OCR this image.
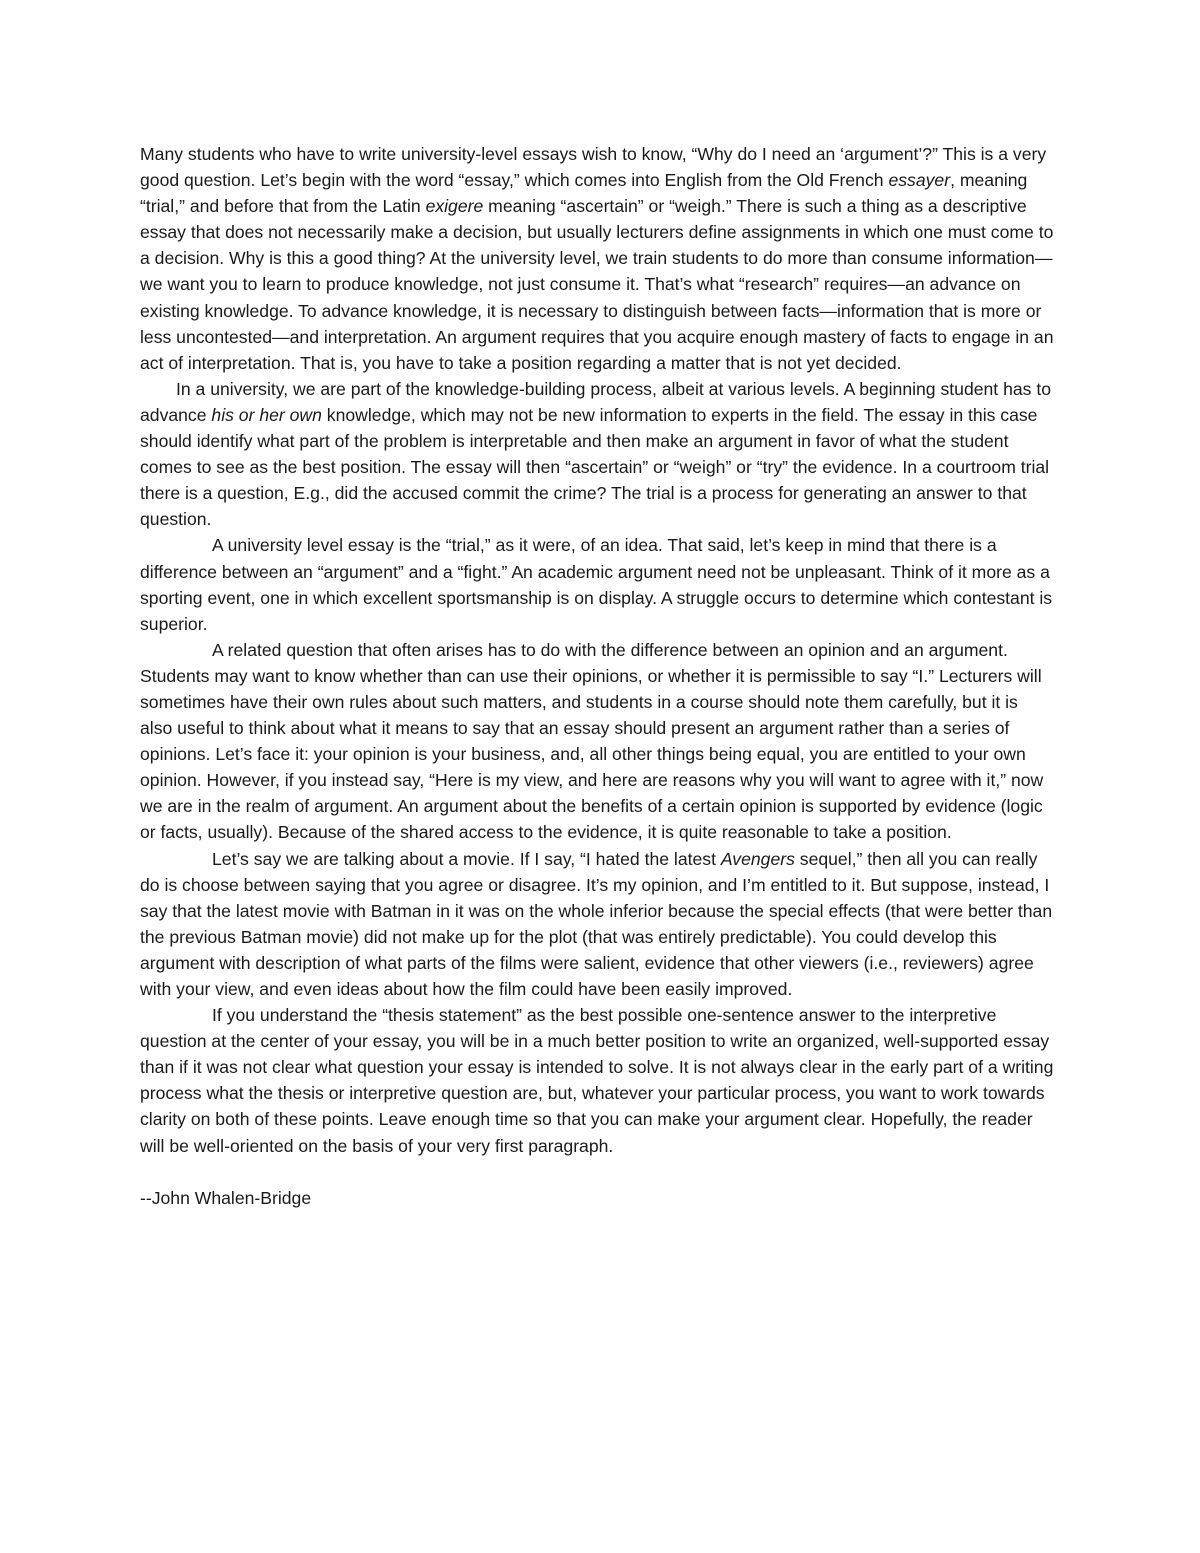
Many students who have to write university-level essays wish to know, “Why do I need an ‘argument’?” This is a very good question. Let’s begin with the word “essay,” which comes into English from the Old French essayer, meaning “trial,” and before that from the Latin exigere meaning “ascertain” or “weigh.” There is such a thing as a descriptive essay that does not necessarily make a decision, but usually lecturers define assignments in which one must come to a decision. Why is this a good thing? At the university level, we train students to do more than consume information—we want you to learn to produce knowledge, not just consume it. That’s what “research” requires—an advance on existing knowledge. To advance knowledge, it is necessary to distinguish between facts—information that is more or less uncontested—and interpretation. An argument requires that you acquire enough mastery of facts to engage in an act of interpretation. That is, you have to take a position regarding a matter that is not yet decided.

In a university, we are part of the knowledge-building process, albeit at various levels. A beginning student has to advance his or her own knowledge, which may not be new information to experts in the field. The essay in this case should identify what part of the problem is interpretable and then make an argument in favor of what the student comes to see as the best position. The essay will then “ascertain” or “weigh” or “try” the evidence. In a courtroom trial there is a question, E.g., did the accused commit the crime? The trial is a process for generating an answer to that question.

A university level essay is the “trial,” as it were, of an idea. That said, let’s keep in mind that there is a difference between an “argument” and a “fight.” An academic argument need not be unpleasant. Think of it more as a sporting event, one in which excellent sportsmanship is on display. A struggle occurs to determine which contestant is superior.

A related question that often arises has to do with the difference between an opinion and an argument. Students may want to know whether than can use their opinions, or whether it is permissible to say “I.” Lecturers will sometimes have their own rules about such matters, and students in a course should note them carefully, but it is also useful to think about what it means to say that an essay should present an argument rather than a series of opinions. Let’s face it: your opinion is your business, and, all other things being equal, you are entitled to your own opinion. However, if you instead say, “Here is my view, and here are reasons why you will want to agree with it,” now we are in the realm of argument. An argument about the benefits of a certain opinion is supported by evidence (logic or facts, usually). Because of the shared access to the evidence, it is quite reasonable to take a position.

Let’s say we are talking about a movie. If I say, “I hated the latest Avengers sequel,” then all you can really do is choose between saying that you agree or disagree. It’s my opinion, and I’m entitled to it. But suppose, instead, I say that the latest movie with Batman in it was on the whole inferior because the special effects (that were better than the previous Batman movie) did not make up for the plot (that was entirely predictable). You could develop this argument with description of what parts of the films were salient, evidence that other viewers (i.e., reviewers) agree with your view, and even ideas about how the film could have been easily improved.

If you understand the “thesis statement” as the best possible one-sentence answer to the interpretive question at the center of your essay, you will be in a much better position to write an organized, well-supported essay than if it was not clear what question your essay is intended to solve. It is not always clear in the early part of a writing process what the thesis or interpretive question are, but, whatever your particular process, you want to work towards clarity on both of these points. Leave enough time so that you can make your argument clear. Hopefully, the reader will be well-oriented on the basis of your very first paragraph.

--John Whalen-Bridge
